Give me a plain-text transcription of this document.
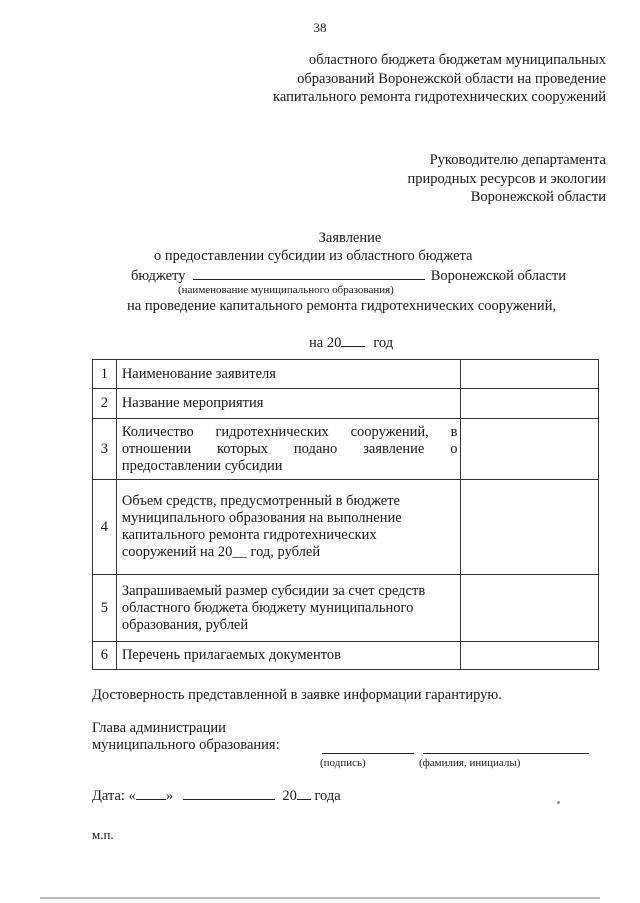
38
областного бюджета бюджетам муниципальных
образований Воронежской области на проведение
капитального ремонта гидротехнических сооружений
Руководителю департамента
природных ресурсов и экологии
Воронежской области
Заявление
о предоставлении субсидии из областного бюджета
бюджету	Воронежской области
(наименование муниципального образования)
на проведение капитального ремонта гидротехнических сооружений,
на 20 год
1	Наименование заявителя	
2	Название мероприятия	
3	Количество гидротехнических сооружений, в
отношении которых подано заявление о
предоставлении субсидии	

4	Объем средств, предусмотренный в бюджете
муниципального образования на выполнение
капитального ремонта гидротехнических
сооружений на 20__ год, рублей	

5	Запрашиваемый размер субсидии за счет средств
областного бюджета бюджету муниципального
образования, рублей	

6	Перечень прилагаемых документов	
Достоверность представленной в заявке информации гарантирую.
Глава администрации
муниципального образования:
(подпись)	(фамилия, инициалы)
Дата: « »	20 года
м.п.
